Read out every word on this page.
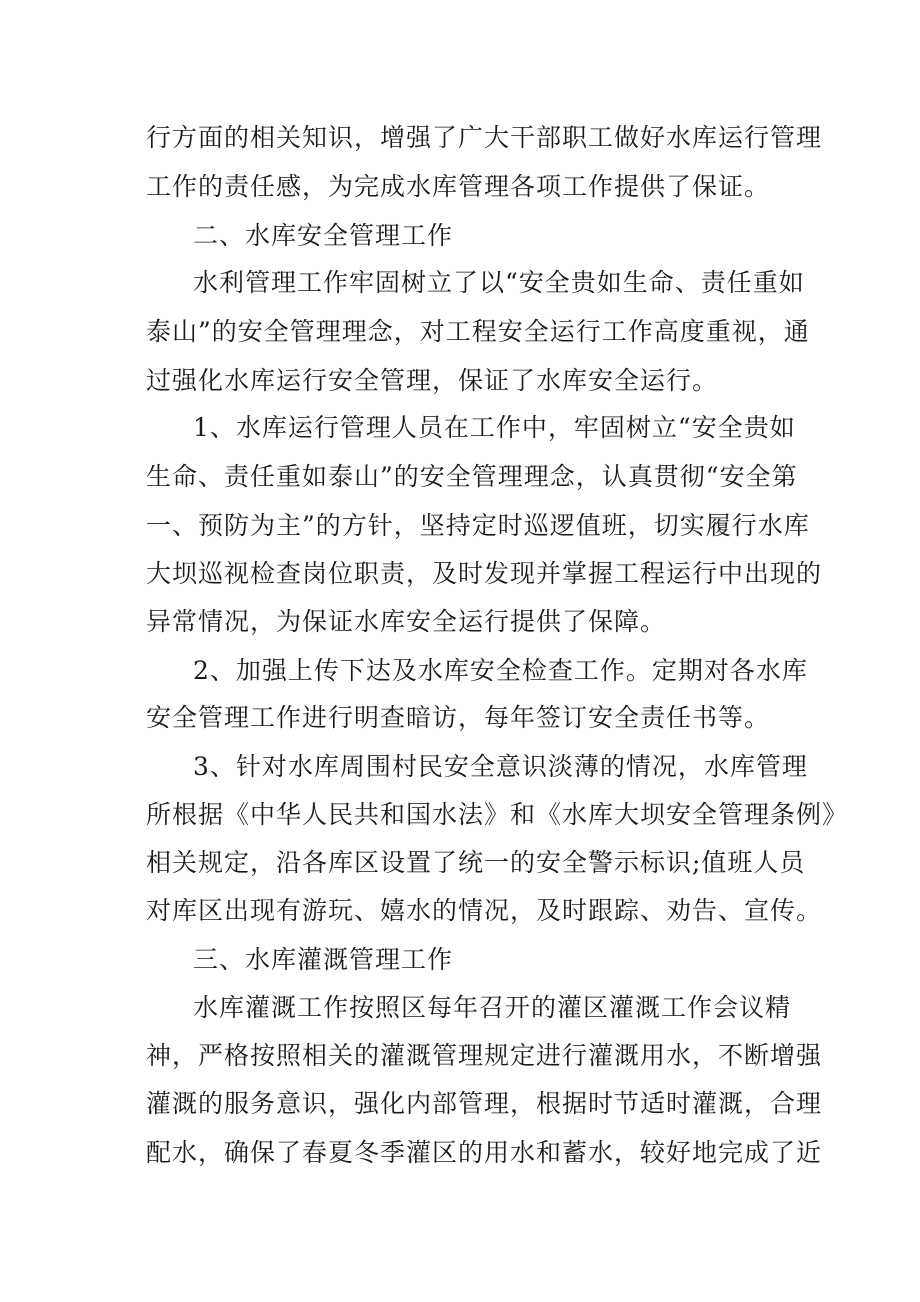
行方面的相关知识，增强了广大干部职工做好水库运行管理
工作的责任感，为完成水库管理各项工作提供了保证。
二、水库安全管理工作
水利管理工作牢固树立了以“安全贵如生命、责任重如
泰山”的安全管理理念，对工程安全运行工作高度重视，通
过强化水库运行安全管理，保证了水库安全运行。
1、水库运行管理人员在工作中，牢固树立“安全贵如
生命、责任重如泰山”的安全管理理念，认真贯彻“安全第
一、预防为主”的方针，坚持定时巡逻值班，切实履行水库
大坝巡视检查岗位职责，及时发现并掌握工程运行中出现的
异常情况，为保证水库安全运行提供了保障。
2、加强上传下达及水库安全检查工作。定期对各水库
安全管理工作进行明查暗访，每年签订安全责任书等。
3、针对水库周围村民安全意识淡薄的情况，水库管理
所根据《中华人民共和国水法》和《水库大坝安全管理条例》
相关规定，沿各库区设置了统一的安全警示标识;值班人员
对库区出现有游玩、嬉水的情况，及时跟踪、劝告、宣传。
三、水库灌溉管理工作
水库灌溉工作按照区每年召开的灌区灌溉工作会议精
神，严格按照相关的灌溉管理规定进行灌溉用水，不断增强
灌溉的服务意识，强化内部管理，根据时节适时灌溉，合理
配水，确保了春夏冬季灌区的用水和蓄水，较好地完成了近
